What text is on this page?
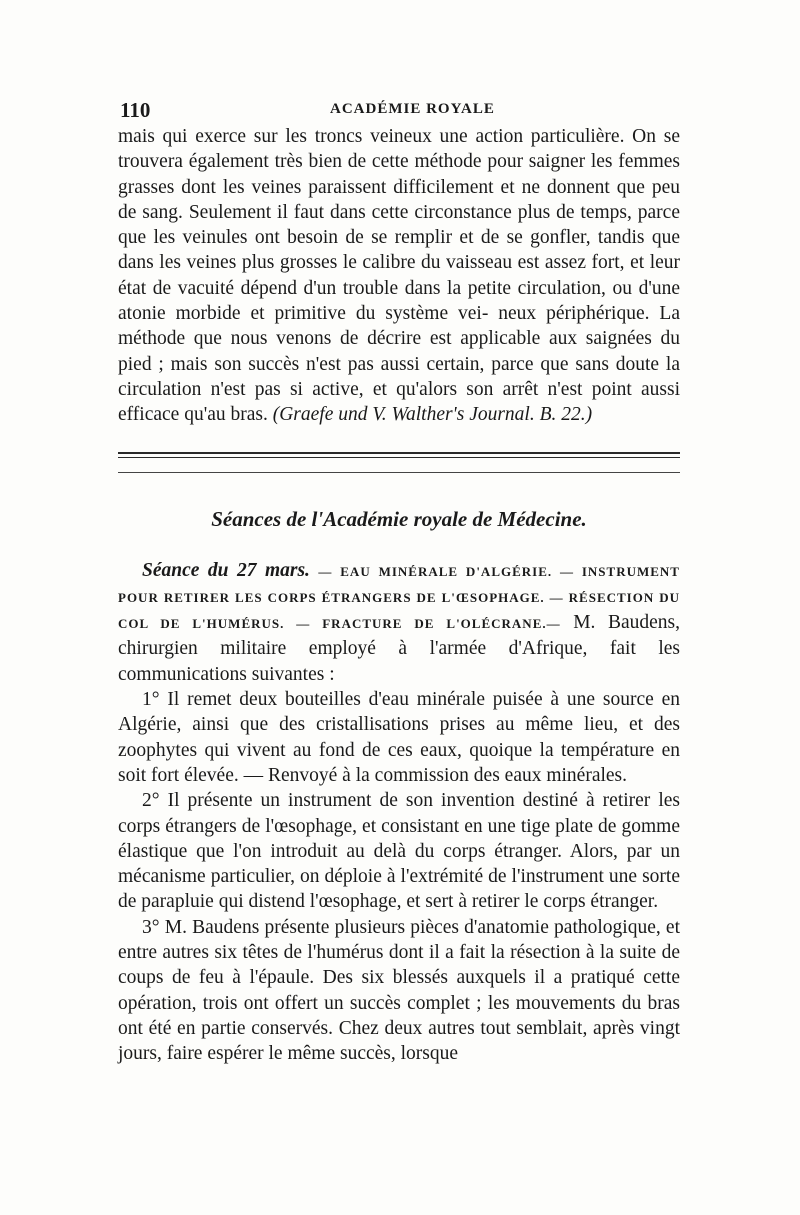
110	ACADÉMIE ROYALE
mais qui exerce sur les troncs veineux une action particulière. On se trouvera également très bien de cette méthode pour saigner les femmes grasses dont les veines paraissent difficilement et ne donnent que peu de sang. Seulement il faut dans cette circonstance plus de temps, parce que les veinules ont besoin de se remplir et de se gonfler, tandis que dans les veines plus grosses le calibre du vaisseau est assez fort, et leur état de vacuité dépend d'un trouble dans la petite circulation, ou d'une atonie morbide et primitive du système vei- neux périphérique. La méthode que nous venons de décrire est applicable aux saignées du pied ; mais son succès n'est pas aussi certain, parce que sans doute la circulation n'est pas si active, et qu'alors son arrêt n'est point aussi efficace qu'au bras. (Graefe und V. Walther's Journal. B. 22.)
Séances de l'Académie royale de Médecine.

Séance du 27 mars. — EAU MINÉRALE D'ALGÉRIE. — INSTRUMENT POUR RETIRER LES CORPS ÉTRANGERS DE L'ŒSOPHAGE. — RÉSECTION DU COL DE L'HUMÉRUS. — FRACTURE DE L'OLÉCRANE.— M. Baudens, chirurgien militaire employé à l'armée d'Afrique, fait les communications suivantes :

1° Il remet deux bouteilles d'eau minérale puisée à une source en Algérie, ainsi que des cristallisations prises au même lieu, et des zoophytes qui vivent au fond de ces eaux, quoique la température en soit fort élevée. — Renvoyé à la commission des eaux minérales.

2° Il présente un instrument de son invention destiné à retirer les corps étrangers de l'œsophage, et consistant en une tige plate de gomme élastique que l'on introduit au delà du corps étranger. Alors, par un mécanisme particulier, on déploie à l'extrémité de l'instrument une sorte de parapluie qui distend l'œsophage, et sert à retirer le corps étranger.

3° M. Baudens présente plusieurs pièces d'anatomie pathologique, et entre autres six têtes de l'humérus dont il a fait la résection à la suite de coups de feu à l'épaule. Des six blessés auxquels il a pratiqué cette opération, trois ont offert un succès complet ; les mouvements du bras ont été en partie conservés. Chez deux autres tout semblait, après vingt jours, faire espérer le même succès, lorsque
